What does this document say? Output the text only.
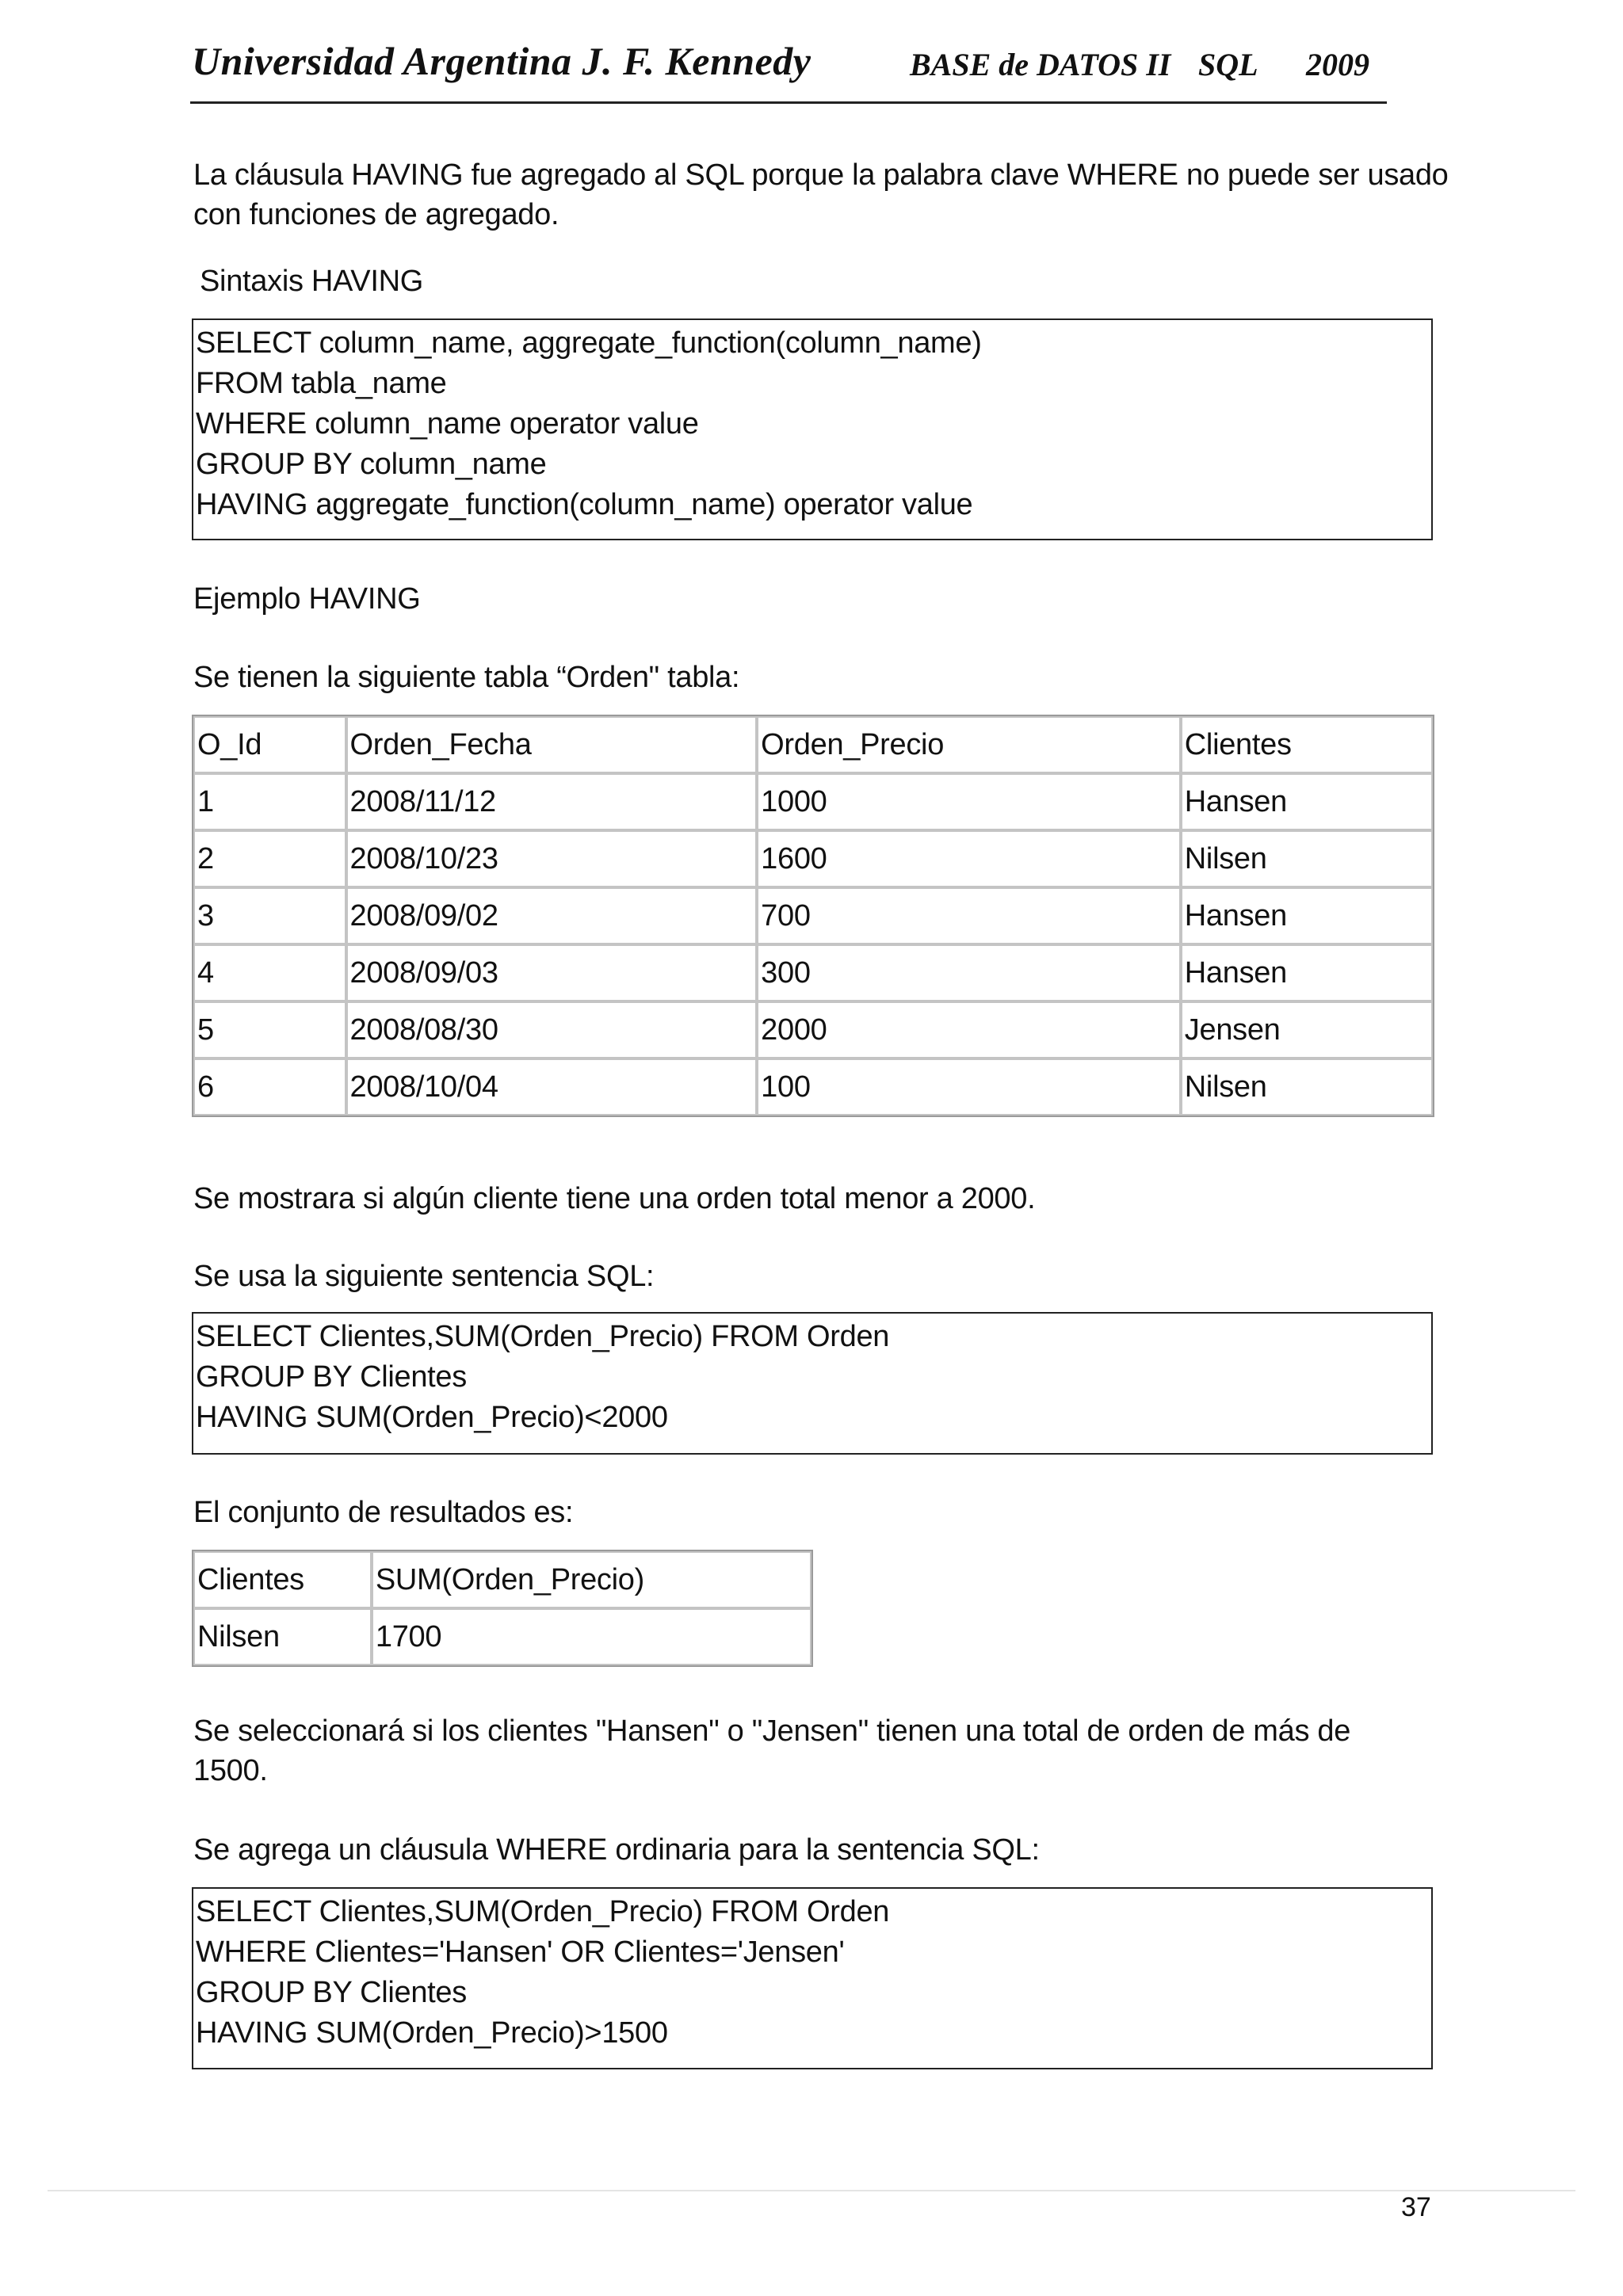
Universidad Argentina J. F. Kennedy	BASE de DATOS II SQL 2009
La cláusula HAVING fue agregado al SQL porque la palabra clave WHERE no puede ser usado
con funciones de agregado.
Sintaxis HAVING
SELECT column_name, aggregate_function(column_name)
FROM tabla_name
WHERE column_name operator value
GROUP BY column_name
HAVING aggregate_function(column_name) operator value
Ejemplo HAVING
Se tienen la siguiente tabla “Orden" tabla:
O_Id	Orden_Fecha	Orden_Precio	Clientes
1	2008/11/12	1000	Hansen
2	2008/10/23	1600	Nilsen
3	2008/09/02	700	Hansen
4	2008/09/03	300	Hansen
5	2008/08/30	2000	Jensen
6	2008/10/04	100	Nilsen
Se mostrara si algún cliente tiene una orden total menor a 2000.
Se usa la siguiente sentencia SQL:
SELECT Clientes,SUM(Orden_Precio) FROM Orden
GROUP BY Clientes
HAVING SUM(Orden_Precio)<2000
El conjunto de resultados es:
Clientes	SUM(Orden_Precio)
Nilsen	1700
Se seleccionará si los clientes "Hansen" o "Jensen" tienen una total de orden de más de
1500.
Se agrega un cláusula WHERE ordinaria para la sentencia SQL:
SELECT Clientes,SUM(Orden_Precio) FROM Orden
WHERE Clientes='Hansen' OR Clientes='Jensen'
GROUP BY Clientes
HAVING SUM(Orden_Precio)>1500
37
